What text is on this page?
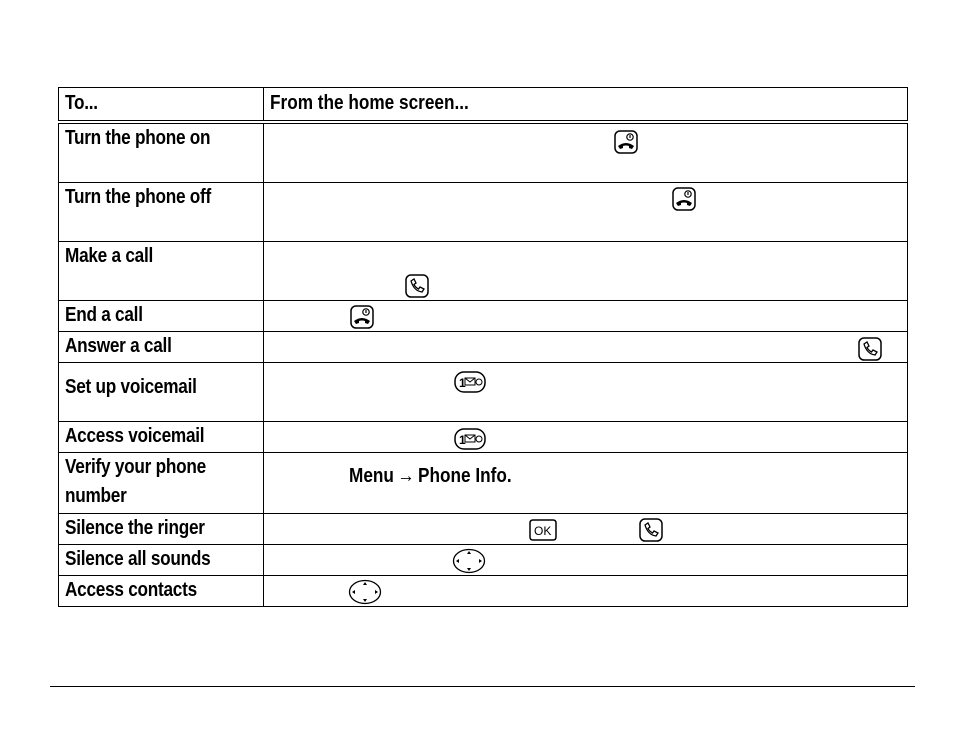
To...	From the home screen...
Turn the phone on	

Turn the phone off	

Make a call	

End a call	

Answer a call	

Set up voicemail	

Access voicemail	

Verify your phone number	Menu → Phone Info.

Silence the ringer	

Silence all sounds	

Access contacts	
